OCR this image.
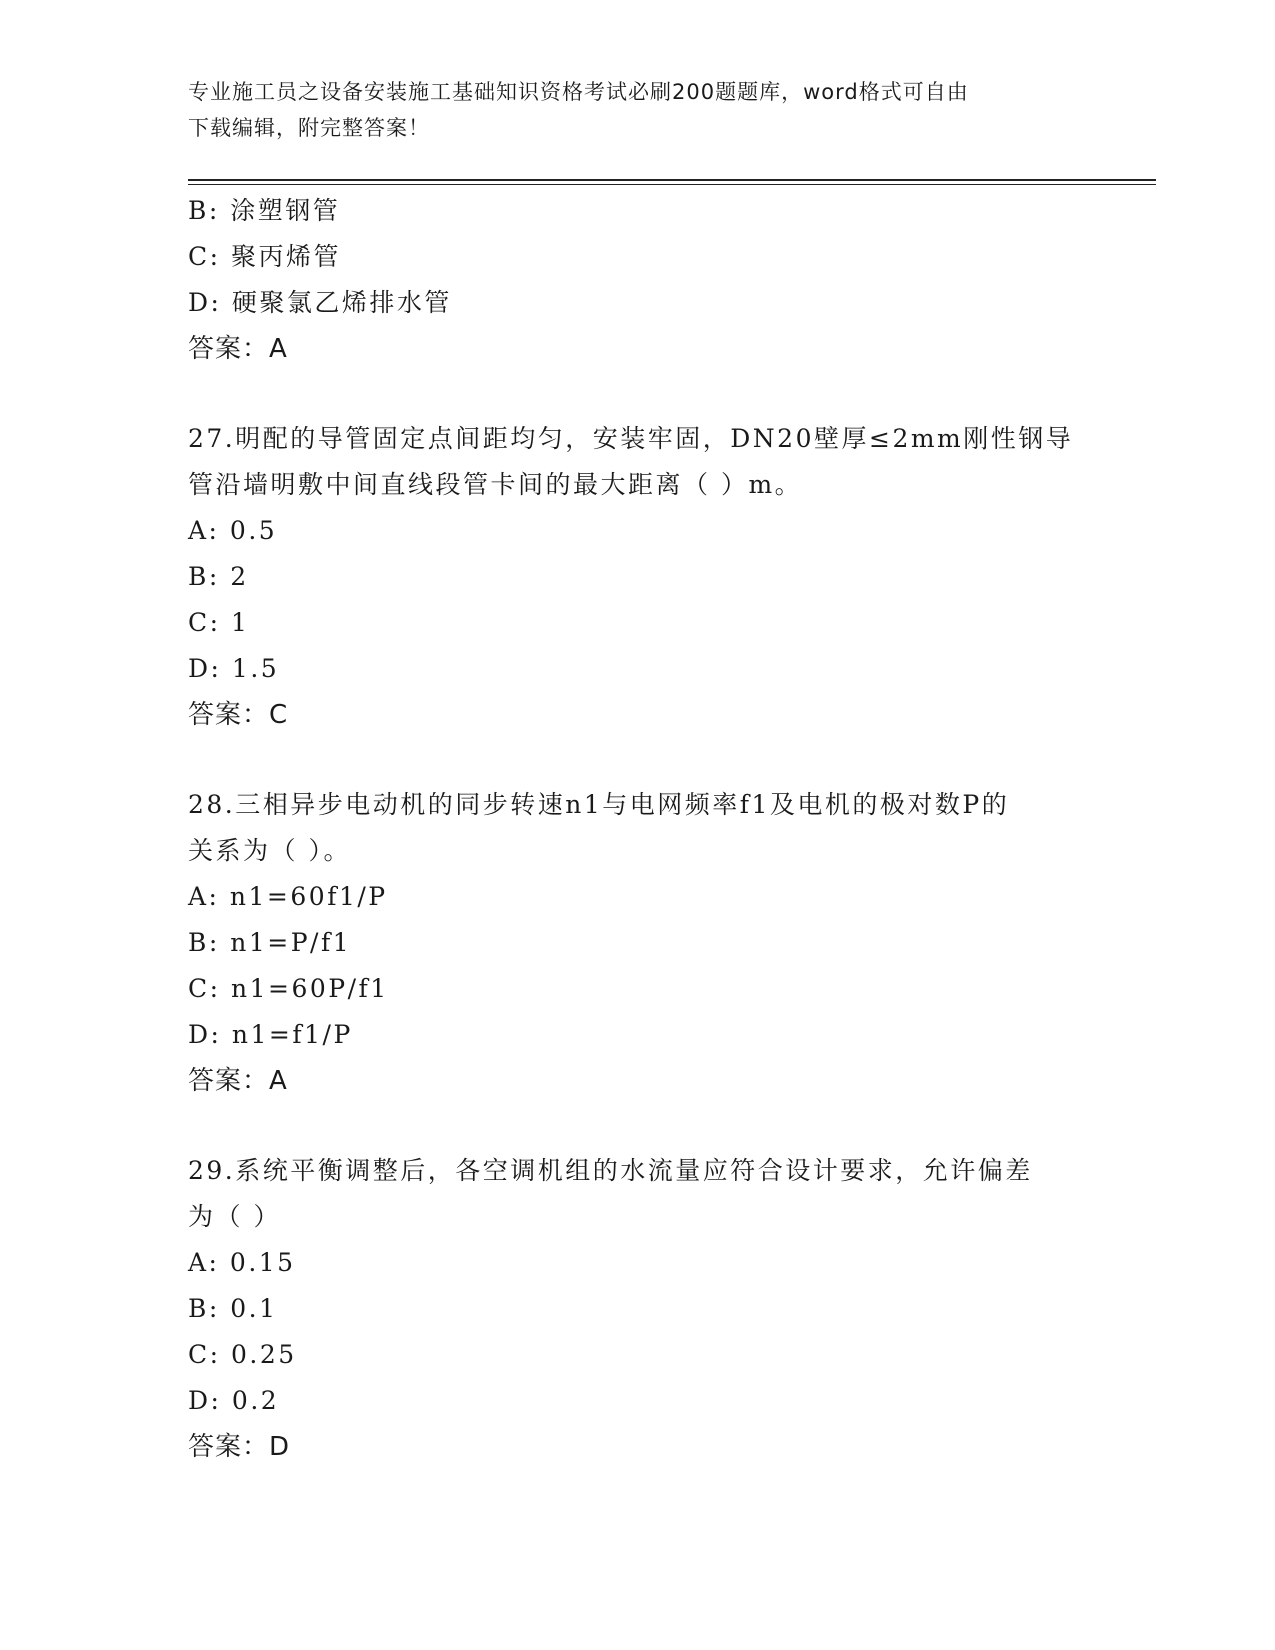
专业施工员之设备安装施工基础知识资格考试必刷200题题库，word格式可自由
下载编辑，附完整答案！
B: 涂塑钢管
C: 聚丙烯管
D: 硬聚氯乙烯排水管
答案：A
27.明配的导管固定点间距均匀，安装牢固，DN20壁厚≤2mm刚性钢导
管沿墙明敷中间直线段管卡间的最大距离（ ）m。
A: 0.5
B: 2
C: 1
D: 1.5
答案：C
28.三相异步电动机的同步转速n1与电网频率f1及电机的极对数P的
关系为（ ）。
A: n1=60f1/P
B: n1=P/f1
C: n1=60P/f1
D: n1=f1/P
答案：A
29.系统平衡调整后，各空调机组的水流量应符合设计要求，允许偏差
为（ ）
A: 0.15
B: 0.1
C: 0.25
D: 0.2
答案：D
